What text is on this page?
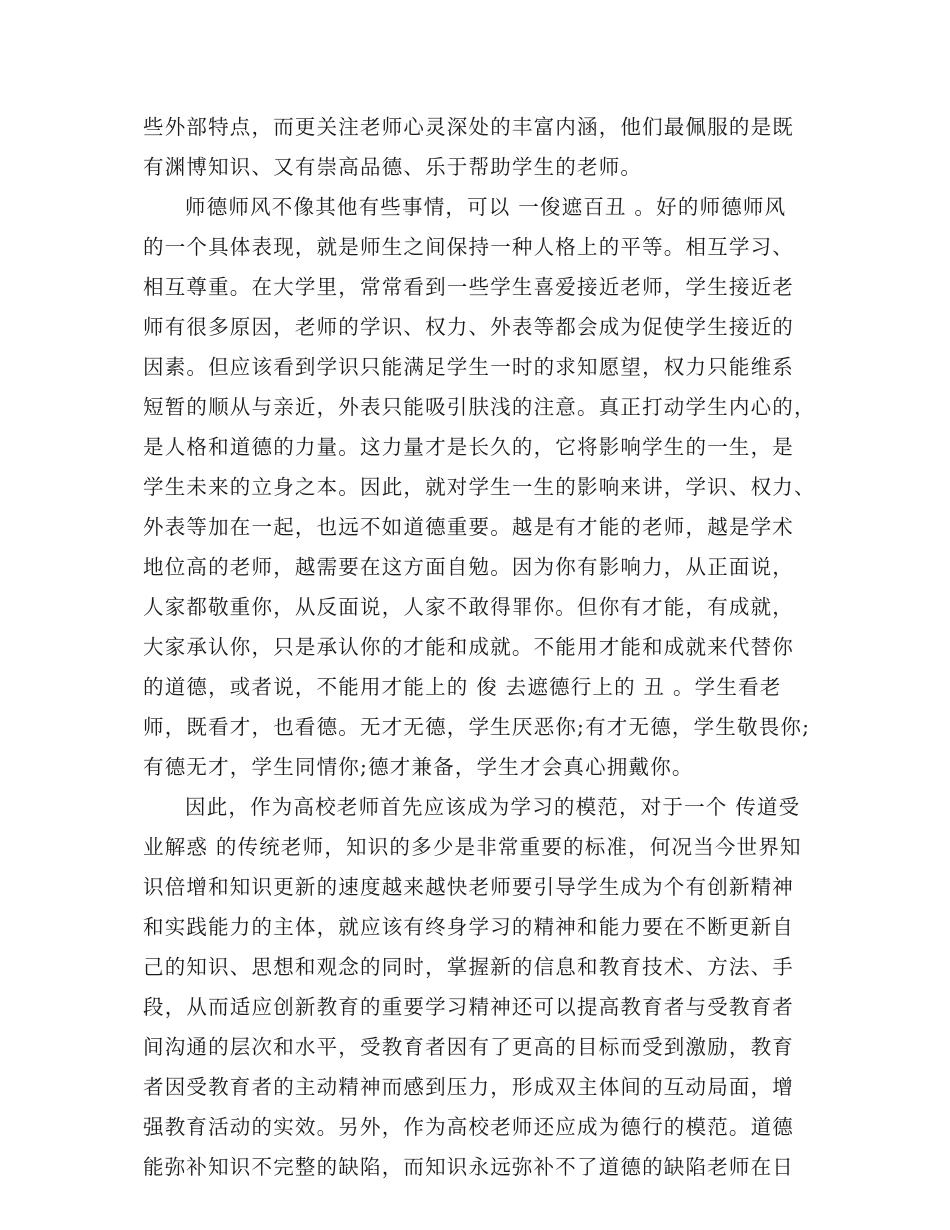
些外部特点，而更关注老师心灵深处的丰富内涵，他们最佩服的是既
有渊博知识、又有崇高品德、乐于帮助学生的老师。
师德师风不像其他有些事情，可以 一俊遮百丑 。好的师德师风
的一个具体表现，就是师生之间保持一种人格上的平等。相互学习、
相互尊重。在大学里，常常看到一些学生喜爱接近老师，学生接近老
师有很多原因，老师的学识、权力、外表等都会成为促使学生接近的
因素。但应该看到学识只能满足学生一时的求知愿望，权力只能维系
短暂的顺从与亲近，外表只能吸引肤浅的注意。真正打动学生内心的，
是人格和道德的力量。这力量才是长久的，它将影响学生的一生，是
学生未来的立身之本。因此，就对学生一生的影响来讲，学识、权力、
外表等加在一起，也远不如道德重要。越是有才能的老师，越是学术
地位高的老师，越需要在这方面自勉。因为你有影响力，从正面说，
人家都敬重你，从反面说，人家不敢得罪你。但你有才能，有成就，
大家承认你，只是承认你的才能和成就。不能用才能和成就来代替你
的道德，或者说，不能用才能上的 俊 去遮德行上的 丑 。学生看老
师，既看才，也看德。无才无德，学生厌恶你;有才无德，学生敬畏你;
有德无才，学生同情你;德才兼备，学生才会真心拥戴你。
因此，作为高校老师首先应该成为学习的模范，对于一个 传道受
业解惑 的传统老师，知识的多少是非常重要的标准，何况当今世界知
识倍增和知识更新的速度越来越快老师要引导学生成为个有创新精神
和实践能力的主体，就应该有终身学习的精神和能力要在不断更新自
己的知识、思想和观念的同时，掌握新的信息和教育技术、方法、手
段，从而适应创新教育的重要学习精神还可以提高教育者与受教育者
间沟通的层次和水平，受教育者因有了更高的目标而受到激励，教育
者因受教育者的主动精神而感到压力，形成双主体间的互动局面，增
强教育活动的实效。另外，作为高校老师还应成为德行的模范。道德
能弥补知识不完整的缺陷，而知识永远弥补不了道德的缺陷老师在日
